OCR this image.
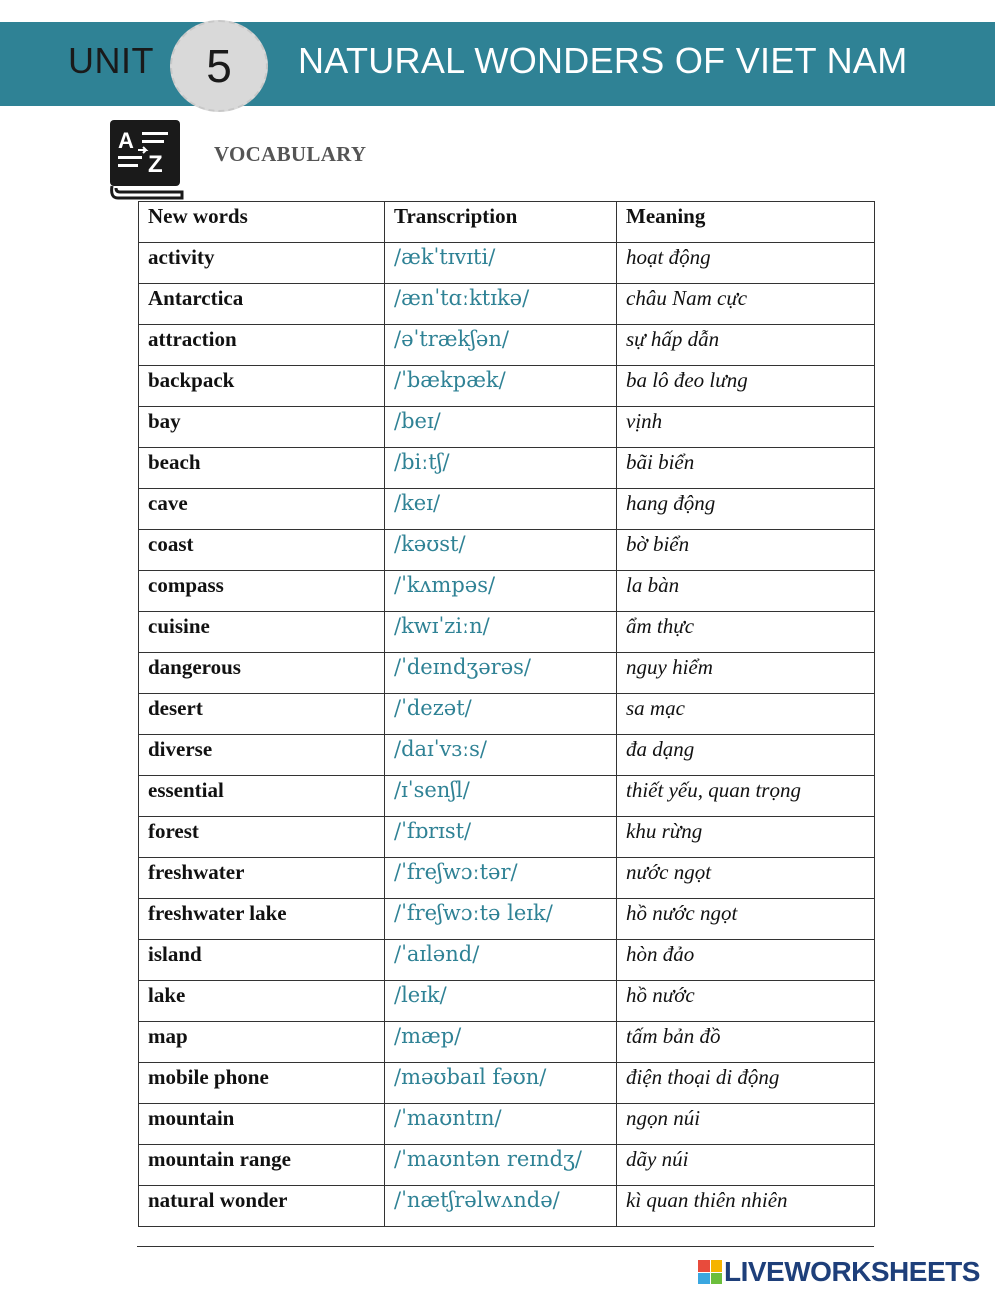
UNIT	5	NATURAL WONDERS OF VIET NAM
A
Z VOCABULARY
New words	Transcription	Meaning
activity	/ækˈtɪvɪti/	hoạt động
Antarctica	/ænˈtɑːktɪkə/	châu Nam cực
attraction	/əˈtrækʃən/	sự hấp dẫn
backpack	/ˈbækpæk/	ba lô đeo lưng
bay	/beɪ/	vịnh
beach	/biːtʃ/	bãi biển
cave	/keɪ/	hang động
coast	/kəʊst/	bờ biển
compass	/ˈkʌmpəs/	la bàn
cuisine	/kwɪˈziːn/	ẩm thực
dangerous	/ˈdeɪndʒərəs/	nguy hiểm
desert	/ˈdezət/	sa mạc
diverse	/daɪˈvɜːs/	đa dạng
essential	/ɪˈsenʃl/	thiết yếu, quan trọng
forest	/ˈfɒrɪst/	khu rừng
freshwater	/ˈfreʃwɔːtər/	nước ngọt
freshwater lake	/ˈfreʃwɔːtə leɪk/	hồ nước ngọt
island	/ˈaɪlənd/	hòn đảo
lake	/leɪk/	hồ nước
map	/mæp/	tấm bản đồ
mobile phone	/məʊbaɪl fəʊn/	điện thoại di động
mountain	/ˈmaʊntɪn/	ngọn núi
mountain range	/ˈmaʊntən reɪndʒ/	dãy núi
natural wonder	/ˈnætʃrəlwʌndə/	kì quan thiên nhiên
LIVEWORKSHEETS
